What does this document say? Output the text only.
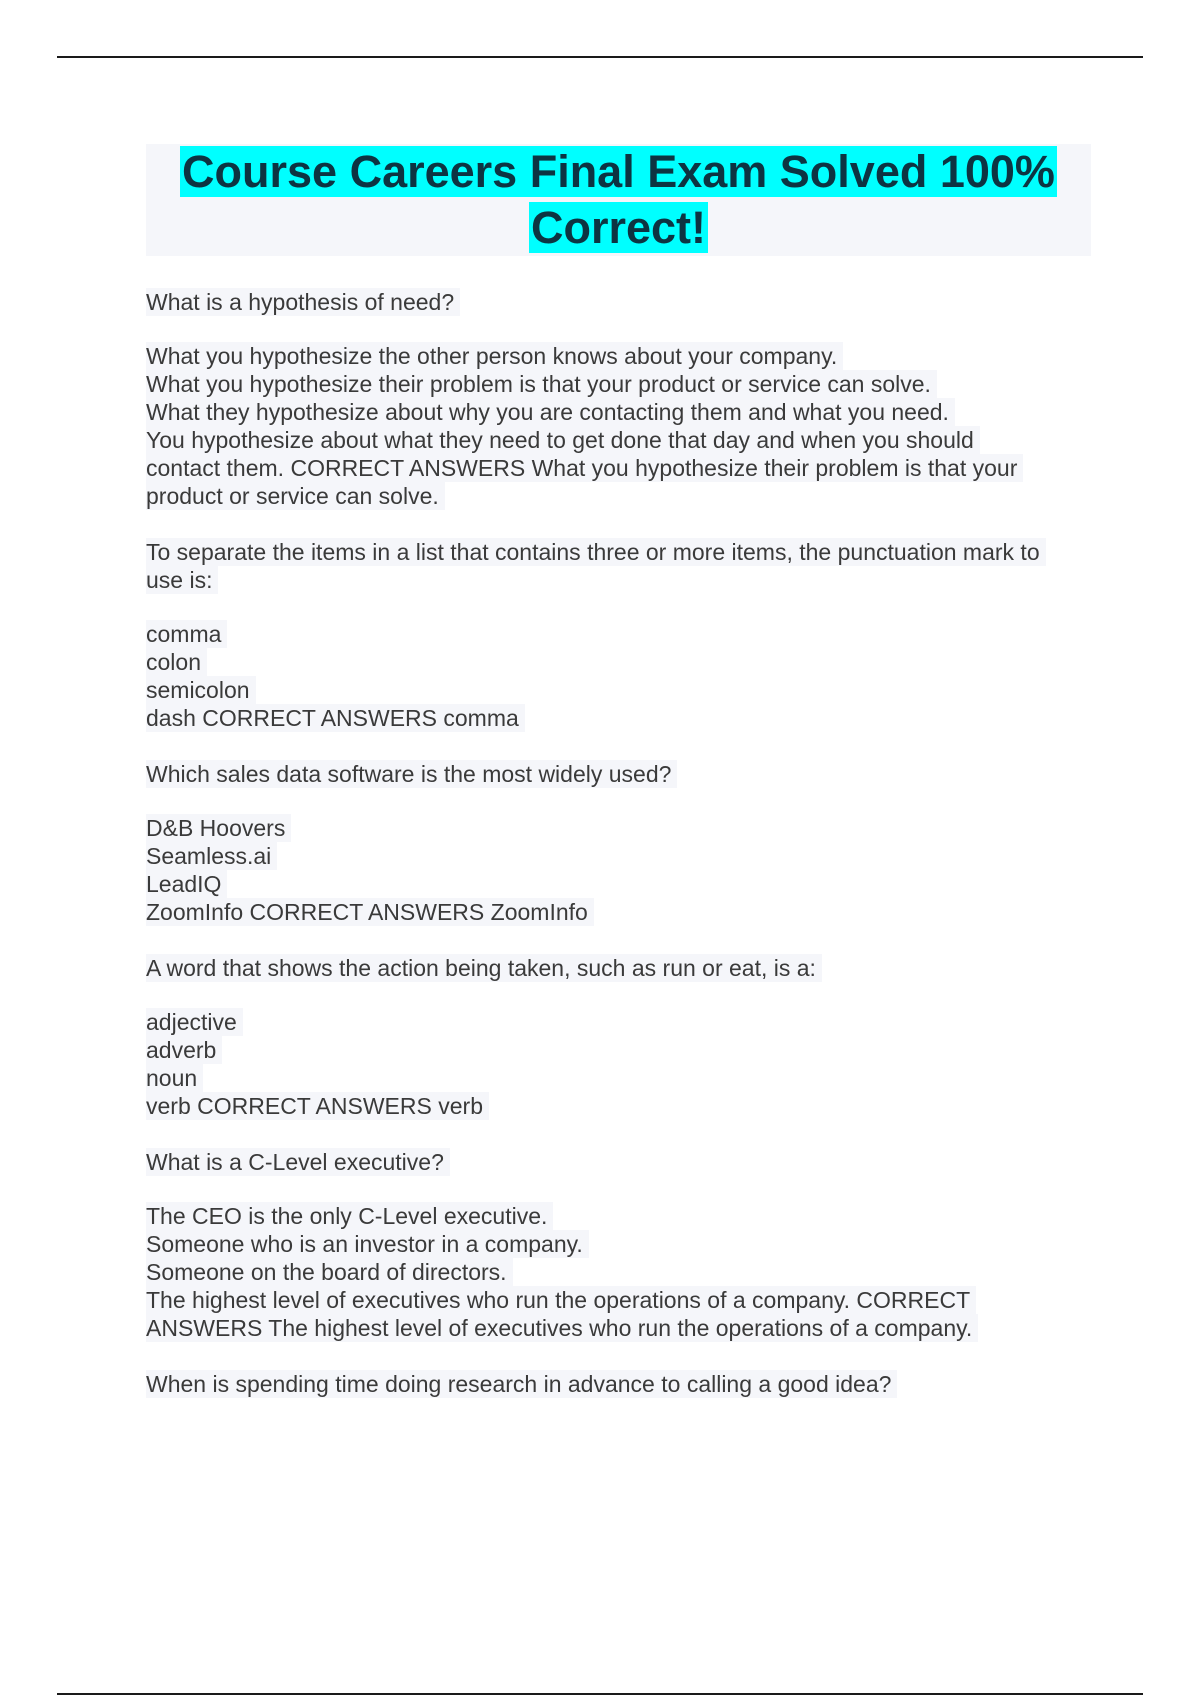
Course Careers Final Exam Solved 100%
Correct!
What is a hypothesis of need?

What you hypothesize the other person knows about your company.
What you hypothesize their problem is that your product or service can solve.
What they hypothesize about why you are contacting them and what you need.
You hypothesize about what they need to get done that day and when you should
contact them. CORRECT ANSWERS What you hypothesize their problem is that your
product or service can solve.

To separate the items in a list that contains three or more items, the punctuation mark to
use is:

comma
colon
semicolon
dash CORRECT ANSWERS comma

Which sales data software is the most widely used?

D&B Hoovers
Seamless.ai
LeadIQ
ZoomInfo CORRECT ANSWERS ZoomInfo

A word that shows the action being taken, such as run or eat, is a:

adjective
adverb
noun
verb CORRECT ANSWERS verb

What is a C-Level executive?

The CEO is the only C-Level executive.
Someone who is an investor in a company.
Someone on the board of directors.
The highest level of executives who run the operations of a company. CORRECT
ANSWERS The highest level of executives who run the operations of a company.

When is spending time doing research in advance to calling a good idea?
